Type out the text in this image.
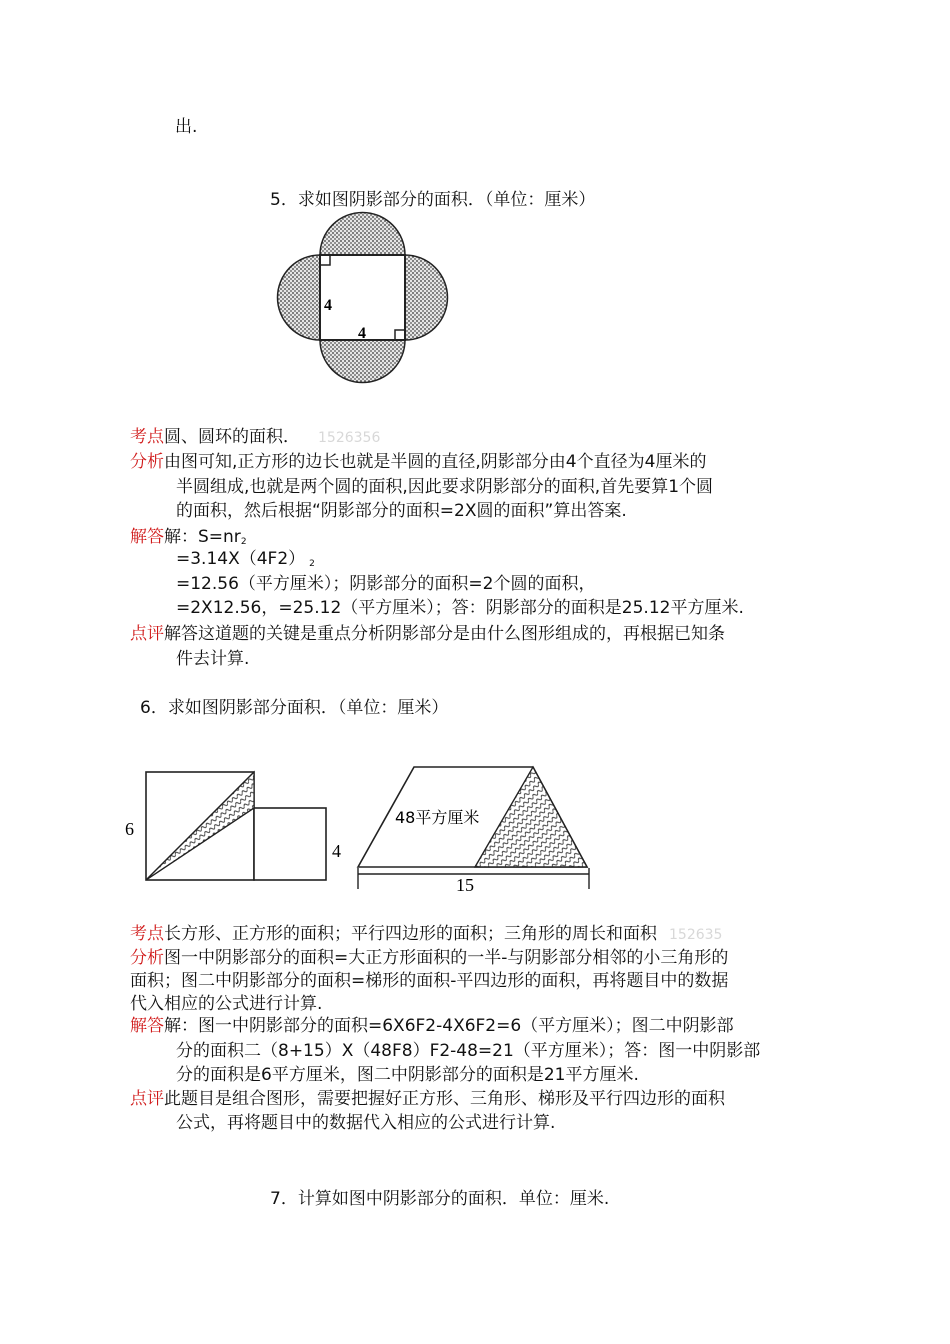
出.
5．求如图阴影部分的面积．（单位：厘米）
4
4
考点圆、圆环的面积． 1526356
分析由图可知,正方形的边长也就是半圆的直径,阴影部分由4个直径为4厘米的
半圆组成,也就是两个圆的面积,因此要求阴影部分的面积,首先要算1个圆
的面积，然后根据“阴影部分的面积=2X圆的面积”算出答案.
解答解：$S=nr_2$
=3.14X（4F2） $_2$
=12.56（平方厘米）；阴影部分的面积=2个圆的面积，
=2X12.56，=25.12（平方厘米）；答：阴影部分的面积是25.12平方厘米.
点评解答这道题的关键是重点分析阴影部分是由什么图形组成的，再根据已知条
件去计算.
6．求如图阴影部分面积．（单位：厘米）
6
4
48平方厘米
15
考点长方形、正方形的面积；平行四边形的面积；三角形的周长和面积 152635
分析图一中阴影部分的面积=大正方形面积的一半-与阴影部分相邻的小三角形的
面积；图二中阴影部分的面积=梯形的面积-平四边形的面积，再将题目中的数据
代入相应的公式进行计算.
解答解：图一中阴影部分的面积=6X6F2-4X6F2=6（平方厘米）；图二中阴影部
分的面积二（8+15）X（48F8）F2-48=21（平方厘米）；答：图一中阴影部
分的面积是6平方厘米，图二中阴影部分的面积是21平方厘米.
点评此题目是组合图形，需要把握好正方形、三角形、梯形及平行四边形的面积
公式，再将题目中的数据代入相应的公式进行计算.
7．计算如图中阴影部分的面积．单位：厘米.
